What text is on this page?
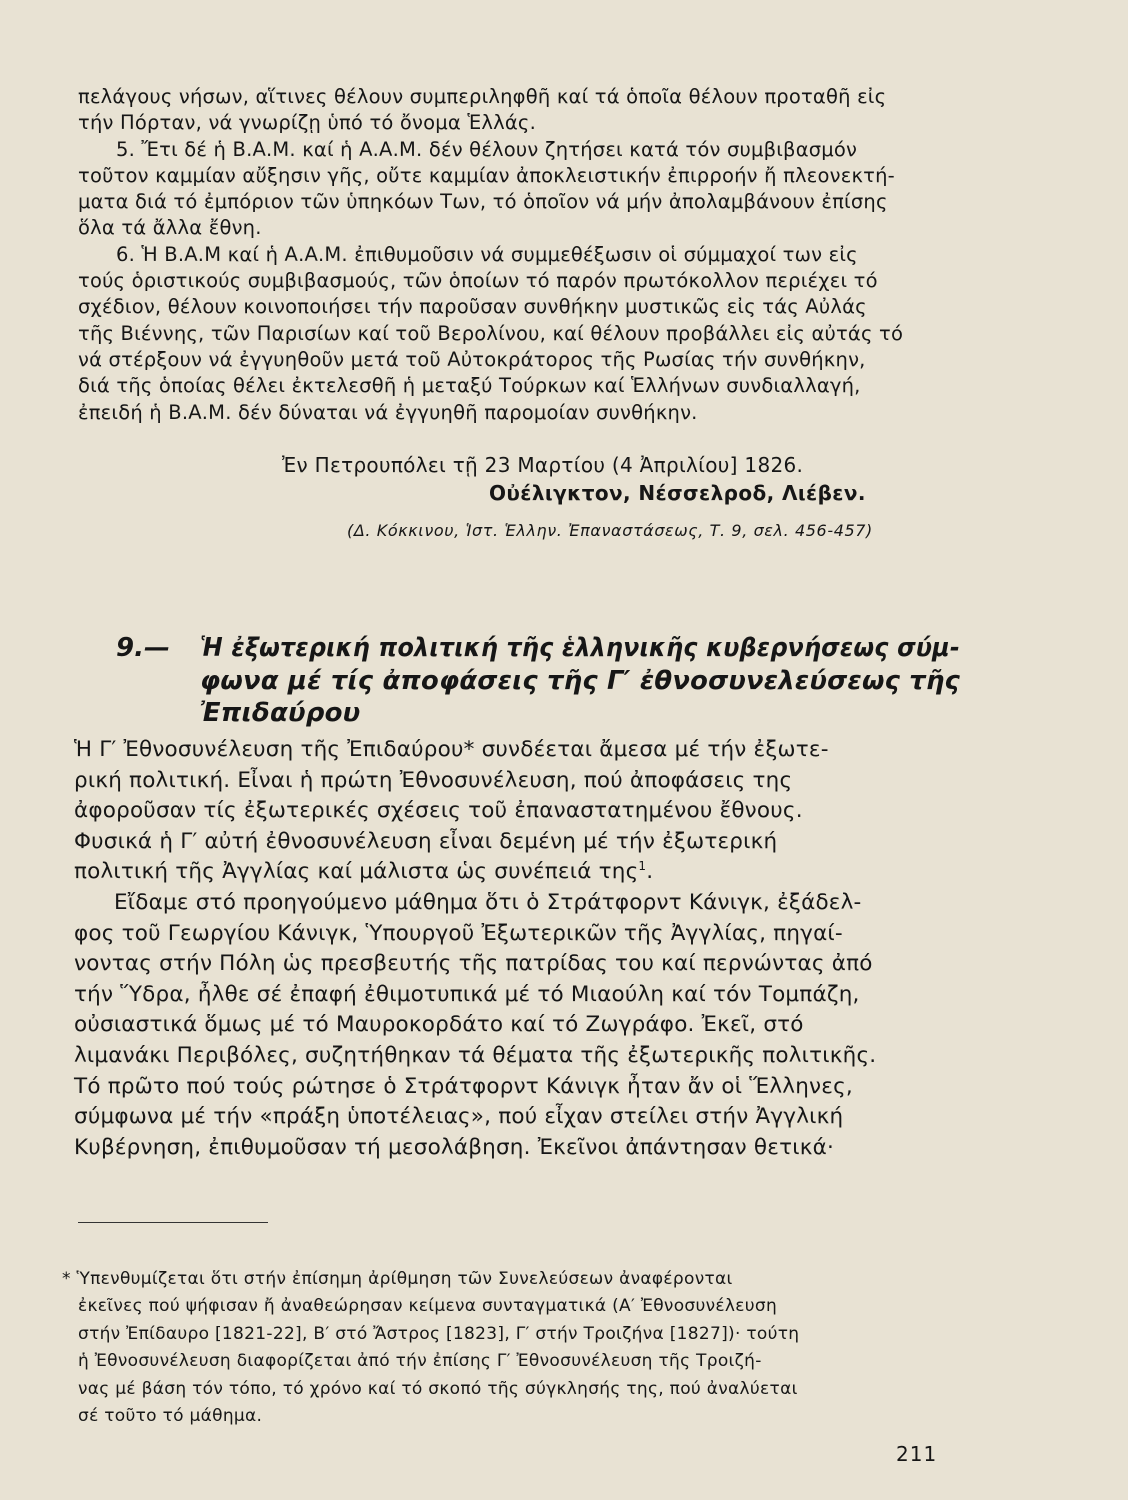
πελάγους νήσων, αἵτινες θέλουν συμπεριληφθῆ καί τά ὁποῖα θέλουν προταθῆ εἰς
τήν Πόρταν, νά γνωρίζῃ ὑπό τό ὄνομα Ἑλλάς.
5. Ἔτι δέ ἡ Β.Α.Μ. καί ἡ Α.Α.Μ. δέν θέλουν ζητήσει κατά τόν συμβιβασμόν
τοῦτον καμμίαν αὔξησιν γῆς, οὔτε καμμίαν ἀποκλειστικήν ἐπιρροήν ἤ πλεονεκτή-
ματα διά τό ἐμπόριον τῶν ὑπηκόων Των, τό ὁποῖον νά μήν ἀπολαμβάνουν ἐπίσης
ὅλα τά ἄλλα ἔθνη.
6. Ἡ Β.Α.Μ καί ἡ Α.Α.Μ. ἐπιθυμοῦσιν νά συμμεθέξωσιν οἱ σύμμαχοί των εἰς
τούς ὁριστικούς συμβιβασμούς, τῶν ὁποίων τό παρόν πρωτόκολλον περιέχει τό
σχέδιον, θέλουν κοινοποιήσει τήν παροῦσαν συνθήκην μυστικῶς εἰς τάς Αὐλάς
τῆς Βιέννης, τῶν Παρισίων καί τοῦ Βερολίνου, καί θέλουν προβάλλει εἰς αὐτάς τό
νά στέρξουν νά ἐγγυηθοῦν μετά τοῦ Αὐτοκράτορος τῆς Ρωσίας τήν συνθήκην,
διά τῆς ὁποίας θέλει ἐκτελεσθῆ ἡ μεταξύ Τούρκων καί Ἑλλήνων συνδιαλλαγή,
ἐπειδή ἡ Β.Α.Μ. δέν δύναται νά ἐγγυηθῆ παρομοίαν συνθήκην.
Ἐν Πετρουπόλει τῇ 23 Μαρτίου (4 Ἀπριλίου] 1826.
Οὐέλιγκτον, Νέσσελροδ, Λιέβεν.
(Δ. Κόκκινου, Ἱστ. Ἑλλην. Ἐπαναστάσεως, Τ. 9, σελ. 456-457)
9.— Ἡ ἐξωτερική πολιτική τῆς ἑλληνικῆς κυβερνήσεως σύμ-
φωνα μέ τίς ἀποφάσεις τῆς Γ′ ἐθνοσυνελεύσεως τῆς
Ἐπιδαύρου
Ἡ Γ′ Ἐθνοσυνέλευση τῆς Ἐπιδαύρου* συνδέεται ἄμεσα μέ τήν ἐξωτε-
ρική πολιτική. Εἶναι ἡ πρώτη Ἐθνοσυνέλευση, πού ἀποφάσεις της
ἀφοροῦσαν τίς ἐξωτερικές σχέσεις τοῦ ἐπαναστατημένου ἔθνους.
Φυσικά ἡ Γ′ αὐτή ἐθνοσυνέλευση εἶναι δεμένη μέ τήν ἐξωτερική
πολιτική τῆς Ἀγγλίας καί μάλιστα ὡς συνέπειά της$^1$.
Εἴδαμε στό προηγούμενο μάθημα ὅτι ὁ Στράτφορντ Κάνιγκ, ἐξάδελ-
φος τοῦ Γεωργίου Κάνιγκ, Ὑπουργοῦ Ἐξωτερικῶν τῆς Ἀγγλίας, πηγαί-
νοντας στήν Πόλη ὡς πρεσβευτής τῆς πατρίδας του καί περνώντας ἀπό
τήν Ὕδρα, ἦλθε σέ ἐπαφή ἐθιμοτυπικά μέ τό Μιαούλη καί τόν Τομπάζη,
οὐσιαστικά ὅμως μέ τό Μαυροκορδάτο καί τό Ζωγράφο. Ἐκεῖ, στό
λιμανάκι Περιβόλες, συζητήθηκαν τά θέματα τῆς ἐξωτερικῆς πολιτικῆς.
Τό πρῶτο πού τούς ρώτησε ὁ Στράτφορντ Κάνιγκ ἦταν ἄν οἱ Ἕλληνες,
σύμφωνα μέ τήν «πράξη ὑποτέλειας», πού εἶχαν στείλει στήν Ἀγγλική
Κυβέρνηση, ἐπιθυμοῦσαν τή μεσολάβηση. Ἐκεῖνοι ἀπάντησαν θετικά·
* Ὑπενθυμίζεται ὅτι στήν ἐπίσημη ἀρίθμηση τῶν Συνελεύσεων ἀναφέρονται
ἐκεῖνες πού ψήφισαν ἤ ἀναθεώρησαν κείμενα συνταγματικά (Α′ Ἐθνοσυνέλευση
στήν Ἐπίδαυρο [1821-22], Β′ στό Ἄστρος [1823], Γ′ στήν Τροιζήνα [1827])· τούτη
ἡ Ἐθνοσυνέλευση διαφορίζεται ἀπό τήν ἐπίσης Γ′ Ἐθνοσυνέλευση τῆς Τροιζή-
νας μέ βάση τόν τόπο, τό χρόνο καί τό σκοπό τῆς σύγκλησής της, πού ἀναλύεται
σέ τοῦτο τό μάθημα.
211
